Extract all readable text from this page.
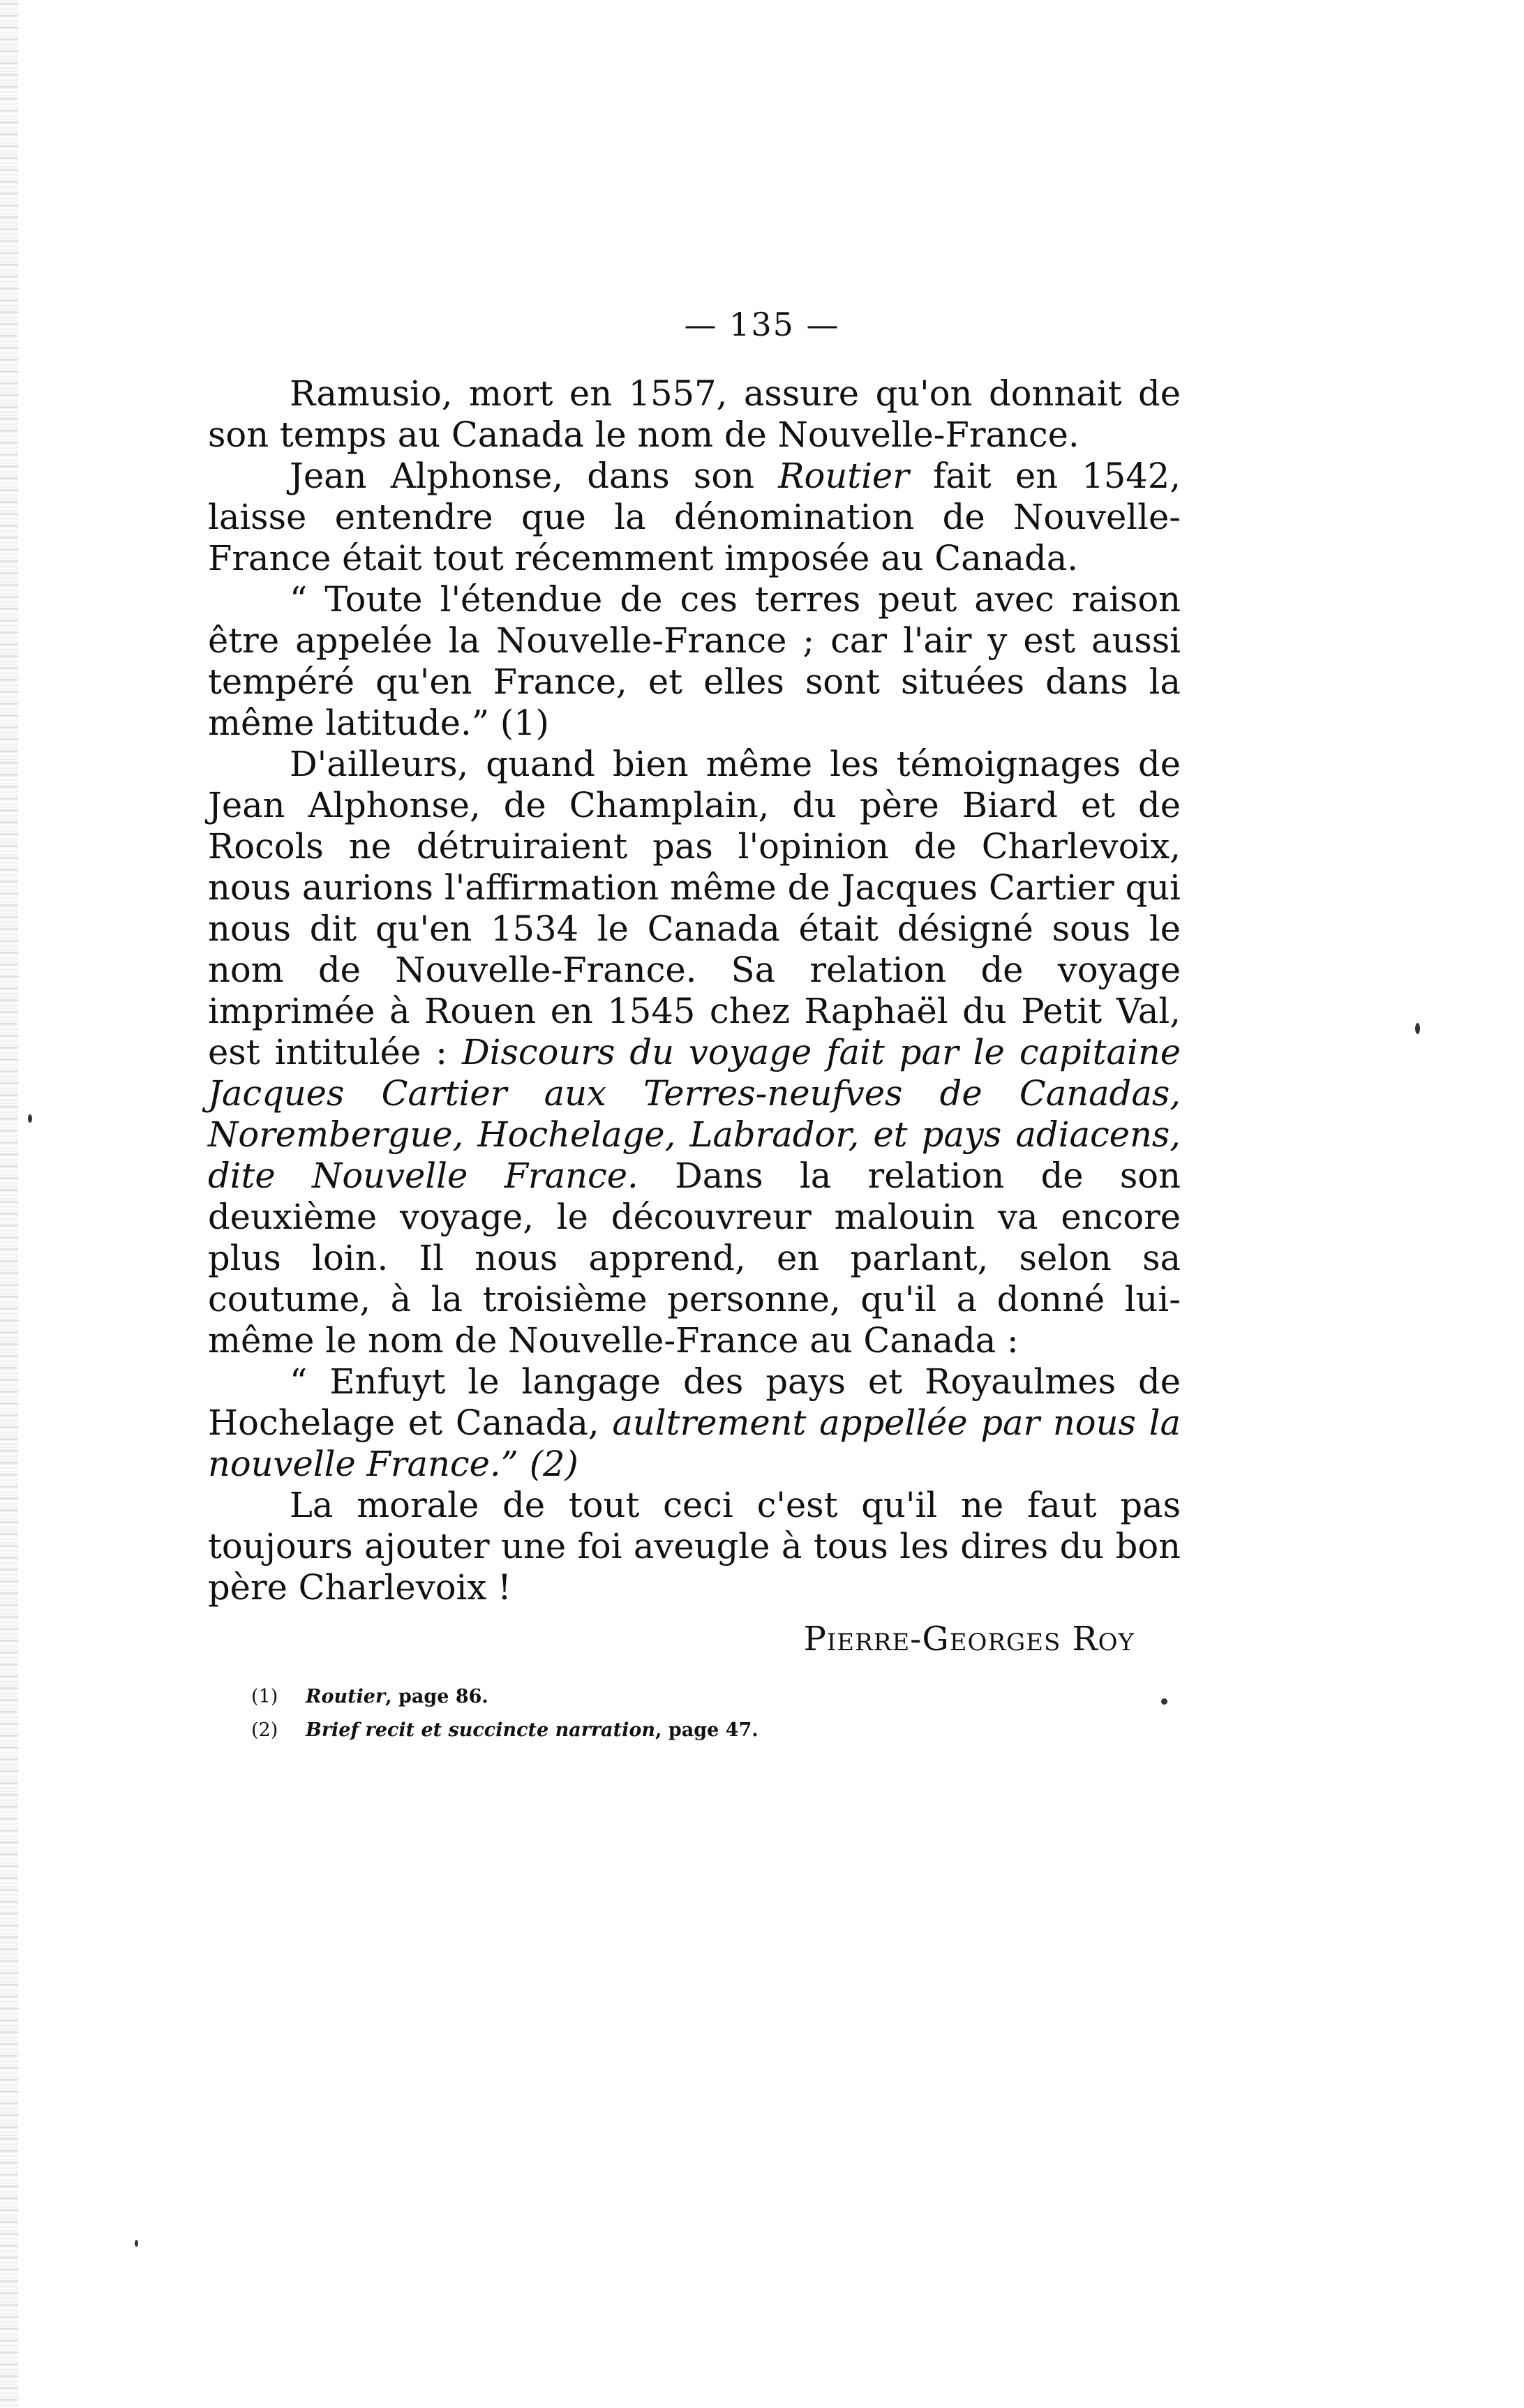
— 135 —

Ramusio, mort en 1557, assure qu'on donnait de son temps au Canada le nom de Nouvelle-France.

Jean Alphonse, dans son Routier fait en 1542, laisse entendre que la dénomination de Nouvelle-France était tout récemment imposée au Canada.

“ Toute l'étendue de ces terres peut avec raison être appelée la Nouvelle-France ; car l'air y est aussi tempéré qu'en France, et elles sont situées dans la même latitude.” (1)

D'ailleurs, quand bien même les témoignages de Jean Alphonse, de Champlain, du père Biard et de Rocols ne détruiraient pas l'opinion de Charlevoix, nous aurions l'affirmation même de Jacques Cartier qui nous dit qu'en 1534 le Canada était désigné sous le nom de Nouvelle-France. Sa relation de voyage imprimée à Rouen en 1545 chez Raphaël du Petit Val, est intitulée : Discours du voyage fait par le capitaine Jacques Cartier aux Terres-neufves de Canadas, Norembergue, Hochelage, Labrador, et pays adiacens, dite Nouvelle France. Dans la relation de son deuxième voyage, le découvreur malouin va encore plus loin. Il nous apprend, en parlant, selon sa coutume, à la troisième personne, qu'il a donné lui-même le nom de Nouvelle-France au Canada :

“ Enfuyt le langage des pays et Royaulmes de Hochelage et Canada, aultrement appellée par nous la nouvelle France.” (2)

La morale de tout ceci c'est qu'il ne faut pas toujours ajouter une foi aveugle à tous les dires du bon père Charlevoix !

Pierre-Georges Roy

(1) Routier, page 86.

(2) Brief recit et succincte narration, page 47.
